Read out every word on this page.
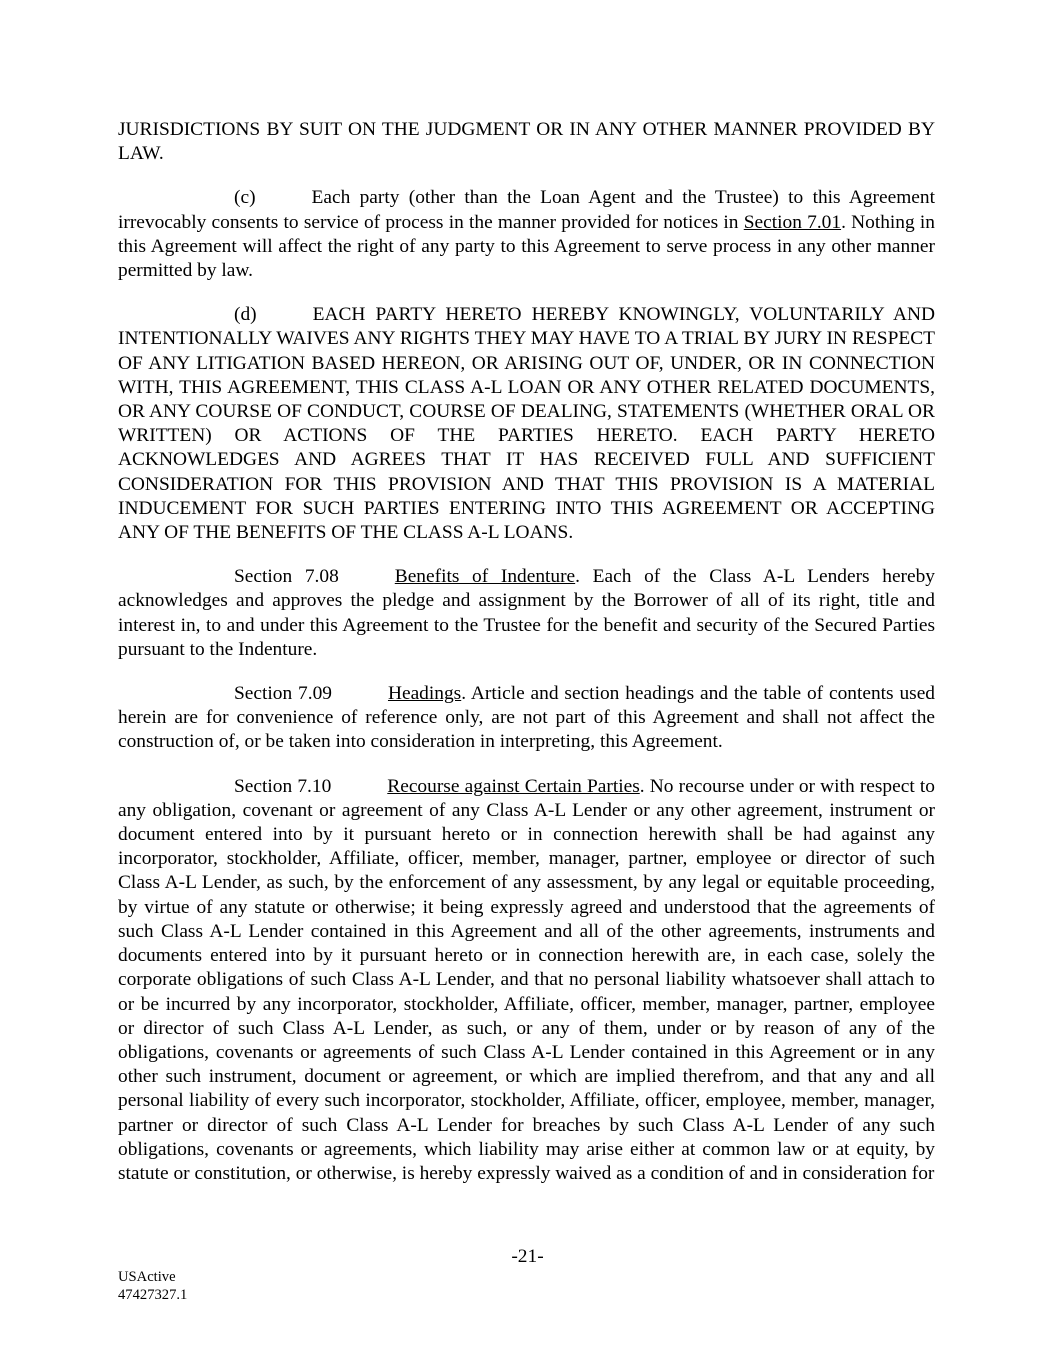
JURISDICTIONS BY SUIT ON THE JUDGMENT OR IN ANY OTHER MANNER PROVIDED BY LAW.

(c)	Each party (other than the Loan Agent and the Trustee) to this Agreement irrevocably consents to service of process in the manner provided for notices in Section 7.01. Nothing in this Agreement will affect the right of any party to this Agreement to serve process in any other manner permitted by law.

(d)	EACH PARTY HERETO HEREBY KNOWINGLY, VOLUNTARILY AND INTENTIONALLY WAIVES ANY RIGHTS THEY MAY HAVE TO A TRIAL BY JURY IN RESPECT OF ANY LITIGATION BASED HEREON, OR ARISING OUT OF, UNDER, OR IN CONNECTION WITH, THIS AGREEMENT, THIS CLASS A-L LOAN OR ANY OTHER RELATED DOCUMENTS, OR ANY COURSE OF CONDUCT, COURSE OF DEALING, STATEMENTS (WHETHER ORAL OR WRITTEN) OR ACTIONS OF THE PARTIES HERETO. EACH PARTY HERETO ACKNOWLEDGES AND AGREES THAT IT HAS RECEIVED FULL AND SUFFICIENT CONSIDERATION FOR THIS PROVISION AND THAT THIS PROVISION IS A MATERIAL INDUCEMENT FOR SUCH PARTIES ENTERING INTO THIS AGREEMENT OR ACCEPTING ANY OF THE BENEFITS OF THE CLASS A-L LOANS.

Section 7.08	Benefits of Indenture. Each of the Class A-L Lenders hereby acknowledges and approves the pledge and assignment by the Borrower of all of its right, title and interest in, to and under this Agreement to the Trustee for the benefit and security of the Secured Parties pursuant to the Indenture.

Section 7.09	Headings. Article and section headings and the table of contents used herein are for convenience of reference only, are not part of this Agreement and shall not affect the construction of, or be taken into consideration in interpreting, this Agreement.

Section 7.10	Recourse against Certain Parties. No recourse under or with respect to any obligation, covenant or agreement of any Class A-L Lender or any other agreement, instrument or document entered into by it pursuant hereto or in connection herewith shall be had against any incorporator, stockholder, Affiliate, officer, member, manager, partner, employee or director of such Class A-L Lender, as such, by the enforcement of any assessment, by any legal or equitable proceeding, by virtue of any statute or otherwise; it being expressly agreed and understood that the agreements of such Class A-L Lender contained in this Agreement and all of the other agreements, instruments and documents entered into by it pursuant hereto or in connection herewith are, in each case, solely the corporate obligations of such Class A-L Lender, and that no personal liability whatsoever shall attach to or be incurred by any incorporator, stockholder, Affiliate, officer, member, manager, partner, employee or director of such Class A-L Lender, as such, or any of them, under or by reason of any of the obligations, covenants or agreements of such Class A-L Lender contained in this Agreement or in any other such instrument, document or agreement, or which are implied therefrom, and that any and all personal liability of every such incorporator, stockholder, Affiliate, officer, employee, member, manager, partner or director of such Class A-L Lender for breaches by such Class A-L Lender of any such obligations, covenants or agreements, which liability may arise either at common law or at equity, by statute or constitution, or otherwise, is hereby expressly waived as a condition of and in consideration for

-21-
USActive
47427327.1
